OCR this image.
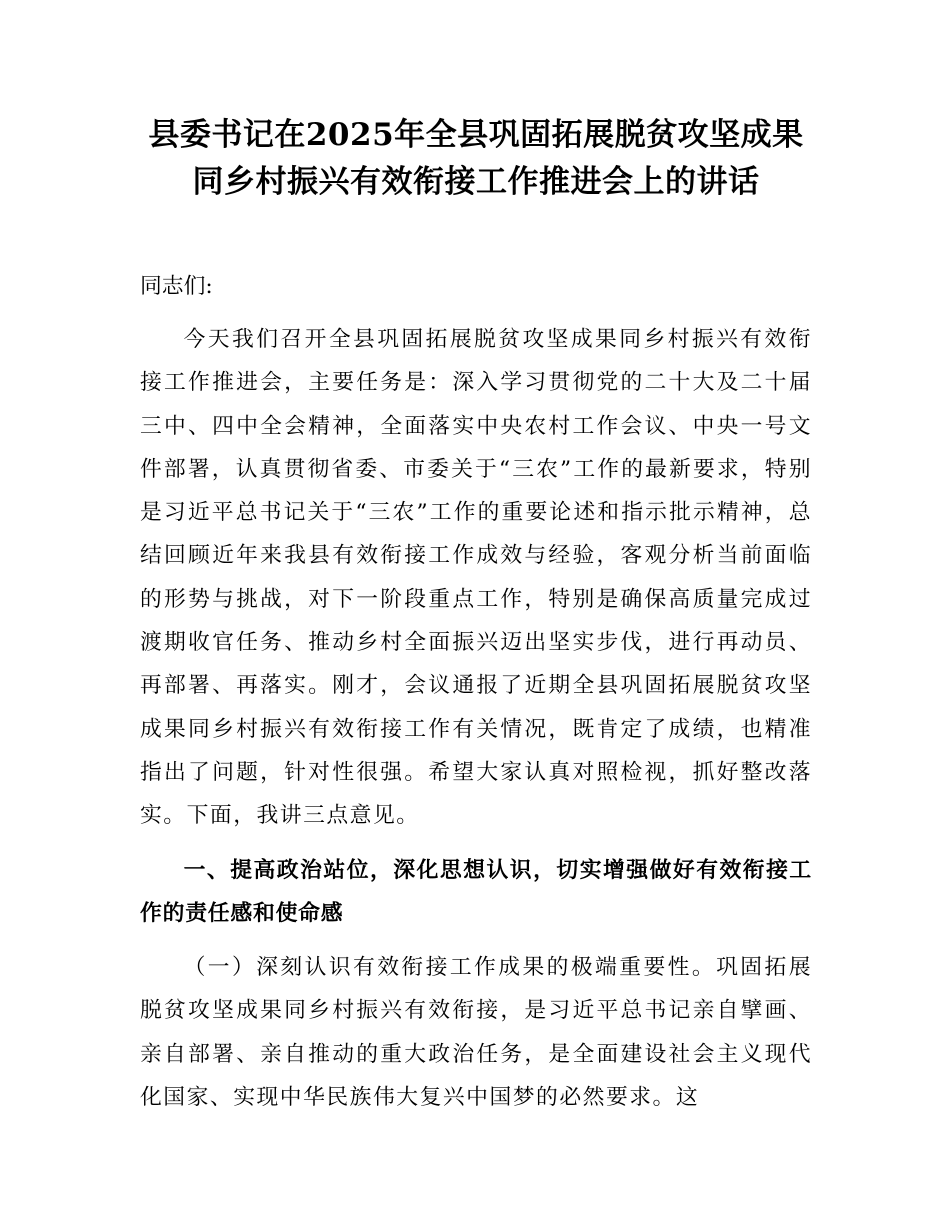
县委书记在2025年全县巩固拓展脱贫攻坚成果同乡村振兴有效衔接工作推进会上的讲话

同志们:

今天我们召开全县巩固拓展脱贫攻坚成果同乡村振兴有效衔接工作推进会，主要任务是：深入学习贯彻党的二十大及二十届三中、四中全会精神，全面落实中央农村工作会议、中央一号文件部署，认真贯彻省委、市委关于“三农”工作的最新要求，特别是习近平总书记关于“三农”工作的重要论述和指示批示精神，总结回顾近年来我县有效衔接工作成效与经验，客观分析当前面临的形势与挑战，对下一阶段重点工作，特别是确保高质量完成过渡期收官任务、推动乡村全面振兴迈出坚实步伐，进行再动员、再部署、再落实。刚才，会议通报了近期全县巩固拓展脱贫攻坚成果同乡村振兴有效衔接工作有关情况，既肯定了成绩，也精准指出了问题，针对性很强。希望大家认真对照检视，抓好整改落实。下面，我讲三点意见。

一、提高政治站位，深化思想认识，切实增强做好有效衔接工作的责任感和使命感

（一）深刻认识有效衔接工作成果的极端重要性。巩固拓展脱贫攻坚成果同乡村振兴有效衔接，是习近平总书记亲自擘画、亲自部署、亲自推动的重大政治任务，是全面建设社会主义现代化国家、实现中华民族伟大复兴中国梦的必然要求。这
